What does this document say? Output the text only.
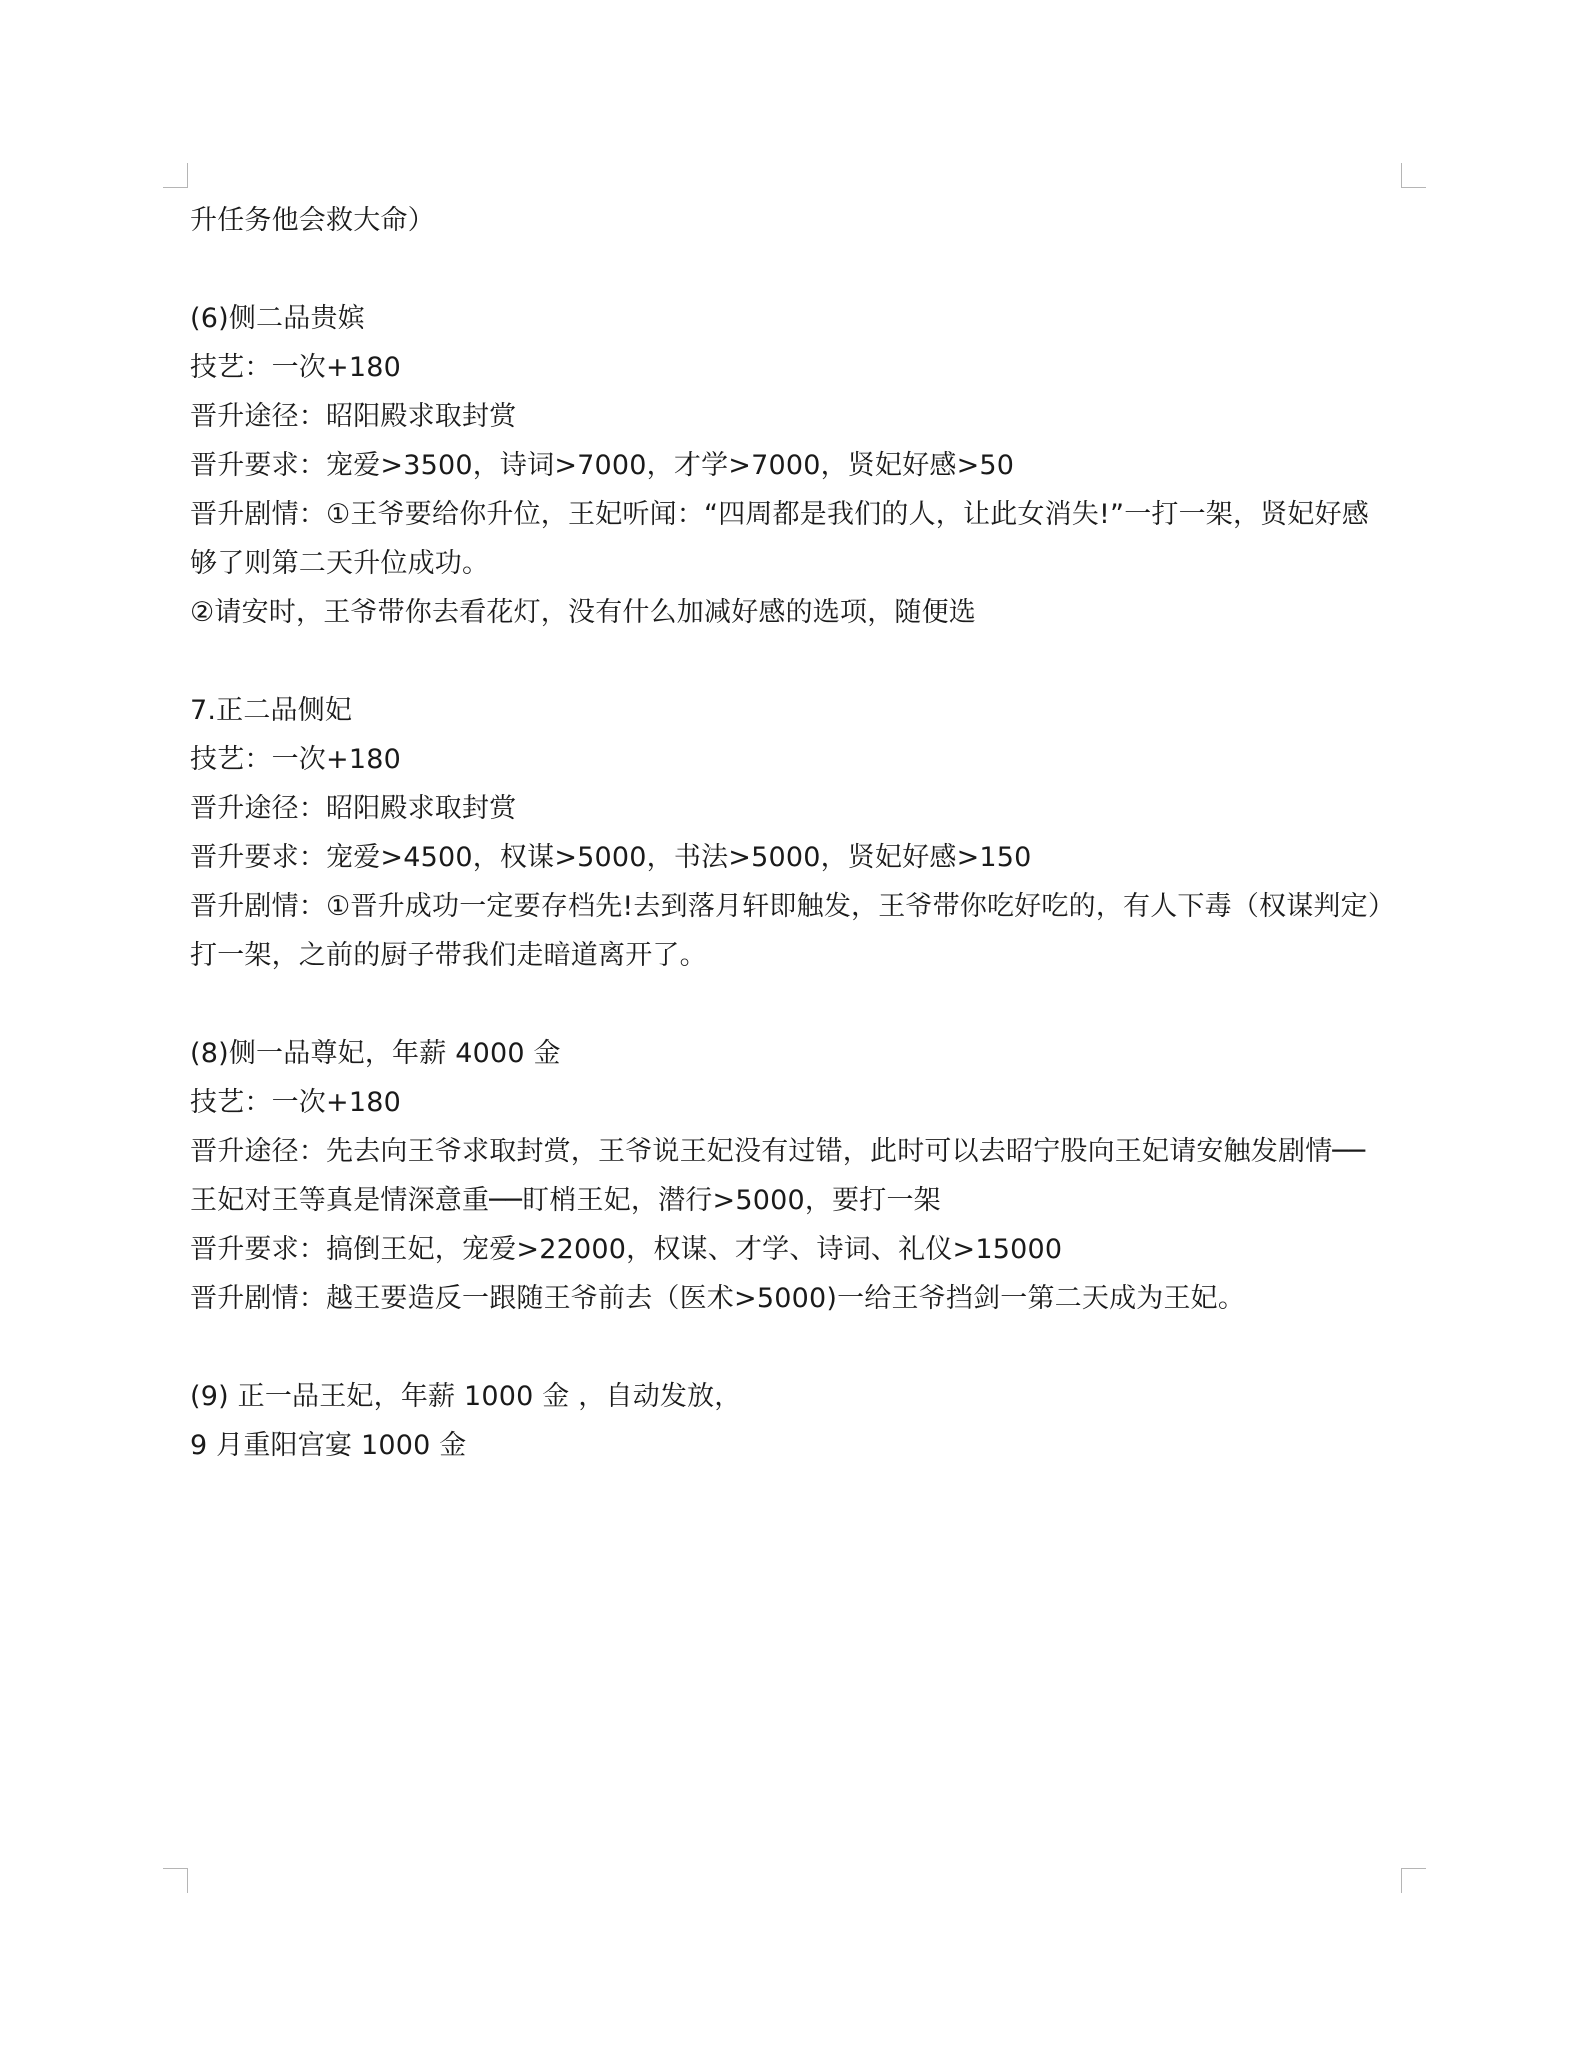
升任务他会救大命）
(6)侧二品贵嫔
技艺：一次+180
晋升途径：昭阳殿求取封赏
晋升要求：宠爱>3500，诗词>7000，才学>7000，贤妃好感>50
晋升剧情：①王爷要给你升位，王妃听闻：“四周都是我们的人，让此女消失!”一打一架，贤妃好感
够了则第二天升位成功。
②请安时，王爷带你去看花灯，没有什么加减好感的选项，随便选
7.正二品侧妃
技艺：一次+180
晋升途径：昭阳殿求取封赏
晋升要求：宠爱>4500，权谋>5000，书法>5000，贤妃好感>150
晋升剧情：①晋升成功一定要存档先!去到落月轩即触发，王爷带你吃好吃的，有人下毒（权谋判定）
打一架，之前的厨子带我们走暗道离开了。
(8)侧一品尊妃，年薪 4000 金
技艺：一次+180
晋升途径：先去向王爷求取封赏，王爷说王妃没有过错，此时可以去昭宁股向王妃请安触发剧情──
王妃对王等真是情深意重──盯梢王妃，潜行>5000，要打一架
晋升要求：搞倒王妃，宠爱>22000，权谋、才学、诗词、礼仪>15000
晋升剧情：越王要造反一跟随王爷前去（医术>5000)一给王爷挡剑一第二天成为王妃。
(9) 正一品王妃，年薪 1000 金 ，自动发放，
9 月重阳宫宴 1000 金
